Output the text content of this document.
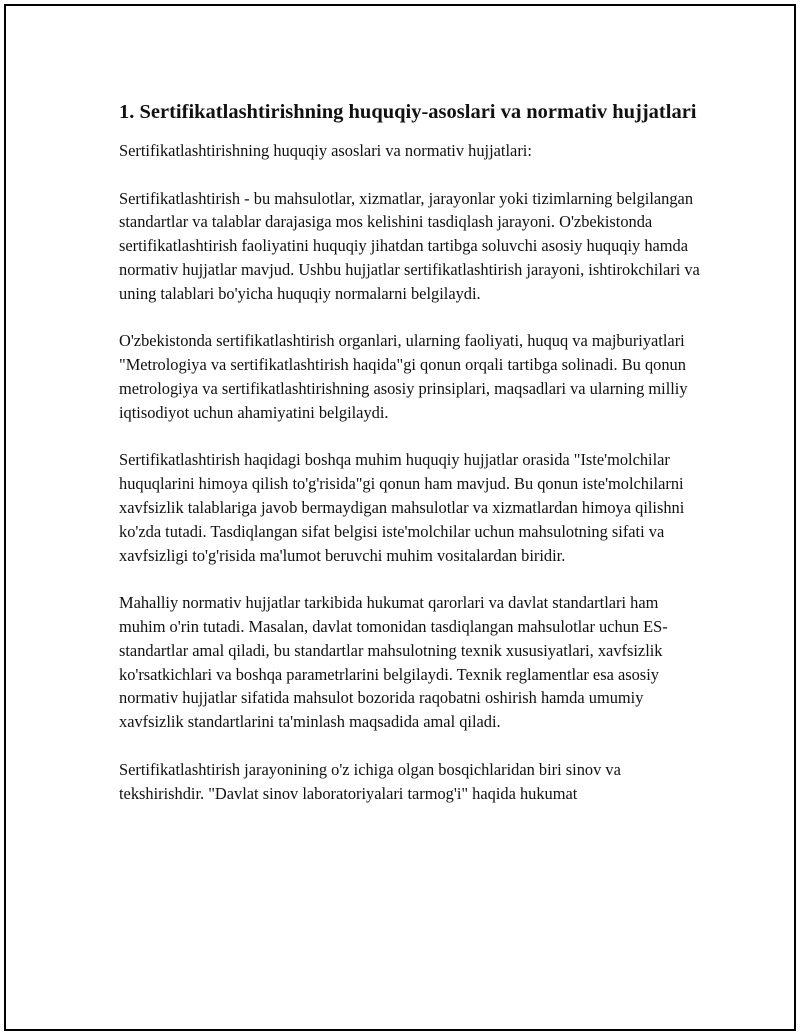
1. Sertifikatlashtirishning huquqiy-asoslari va normativ hujjatlari

Sertifikatlashtirishning huquqiy asoslari va normativ hujjatlari:

Sertifikatlashtirish - bu mahsulotlar, xizmatlar, jarayonlar yoki tizimlarning belgilangan standartlar va talablar darajasiga mos kelishini tasdiqlash jarayoni. O'zbekistonda sertifikatlashtirish faoliyatini huquqiy jihatdan tartibga soluvchi asosiy huquqiy hamda normativ hujjatlar mavjud. Ushbu hujjatlar sertifikatlashtirish jarayoni, ishtirokchilari va uning talablari bo'yicha huquqiy normalarni belgilaydi.

O'zbekistonda sertifikatlashtirish organlari, ularning faoliyati, huquq va majburiyatlari "Metrologiya va sertifikatlashtirish haqida"gi qonun orqali tartibga solinadi. Bu qonun metrologiya va sertifikatlashtirishning asosiy prinsiplari, maqsadlari va ularning milliy iqtisodiyot uchun ahamiyatini belgilaydi.

Sertifikatlashtirish haqidagi boshqa muhim huquqiy hujjatlar orasida "Iste'molchilar huquqlarini himoya qilish to'g'risida"gi qonun ham mavjud. Bu qonun iste'molchilarni xavfsizlik talablariga javob bermaydigan mahsulotlar va xizmatlardan himoya qilishni ko'zda tutadi. Tasdiqlangan sifat belgisi iste'molchilar uchun mahsulotning sifati va xavfsizligi to'g'risida ma'lumot beruvchi muhim vositalardan biridir.

Mahalliy normativ hujjatlar tarkibida hukumat qarorlari va davlat standartlari ham muhim o'rin tutadi. Masalan, davlat tomonidan tasdiqlangan mahsulotlar uchun ES-standartlar amal qiladi, bu standartlar mahsulotning texnik xususiyatlari, xavfsizlik ko'rsatkichlari va boshqa parametrlarini belgilaydi. Texnik reglamentlar esa asosiy normativ hujjatlar sifatida mahsulot bozorida raqobatni oshirish hamda umumiy xavfsizlik standartlarini ta'minlash maqsadida amal qiladi.

Sertifikatlashtirish jarayonining o'z ichiga olgan bosqichlaridan biri sinov va tekshirishdir. "Davlat sinov laboratoriyalari tarmog'i" haqida hukumat
